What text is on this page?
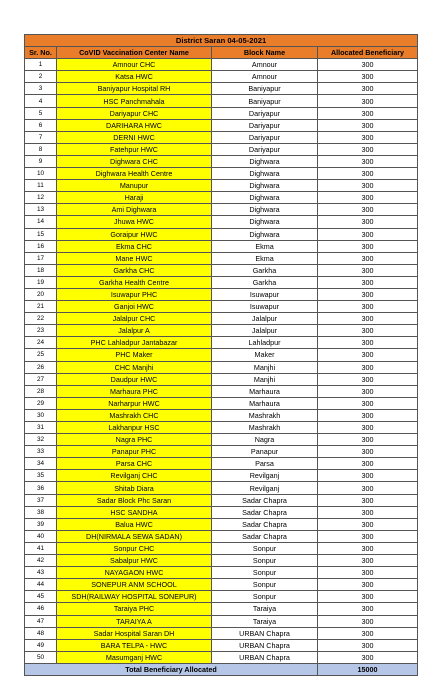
District Saran 04-05-2021			
Sr. No.	CoVID Vaccination Center Name	Block Name	Allocated Beneficiary
1	Amnour CHC	Amnour	300
2	Katsa HWC	Amnour	300
3	Baniyapur Hospital RH	Baniyapur	300
4	HSC Panchmahala	Baniyapur	300
5	Dariyapur CHC	Dariyapur	300
6	DARIHARA HWC	Dariyapur	300
7	DERNI HWC	Dariyapur	300
8	Fatehpur HWC	Dariyapur	300
9	Dighwara CHC	Dighwara	300
10	Dighwara Health Centre	Dighwara	300
11	Manupur	Dighwara	300
12	Haraji	Dighwara	300
13	Ami Dighwara	Dighwara	300
14	Jhuwa HWC	Dighwara	300
15	Goraipur HWC	Dighwara	300
16	Ekma CHC	Ekma	300
17	Mane HWC	Ekma	300
18	Garkha CHC	Garkha	300
19	Garkha Health Centre	Garkha	300
20	Isuwapur PHC	Isuwapur	300
21	Ganjoi HWC	Isuwapur	300
22	Jalalpur CHC	Jalalpur	300
23	Jalalpur A	Jalalpur	300
24	PHC Lahladpur Jantabazar	Lahladpur	300
25	PHC Maker	Maker	300
26	CHC Manjhi	Manjhi	300
27	Daudpur HWC	Manjhi	300
28	Marhaura PHC	Marhaura	300
29	Narharpur HWC	Marhaura	300
30	Mashrakh CHC	Mashrakh	300
31	Lakhanpur HSC	Mashrakh	300
32	Nagra PHC	Nagra	300
33	Panapur PHC	Panapur	300
34	Parsa CHC	Parsa	300
35	Revilganj CHC	Revilganj	300
36	Shitab Diara	Revilganj	300
37	Sadar Block Phc Saran	Sadar Chapra	300
38	HSC SANDHA	Sadar Chapra	300
39	Balua HWC	Sadar Chapra	300
40	DH(NIRMALA SEWA SADAN)	Sadar Chapra	300
41	Sonpur CHC	Sonpur	300
42	Sabalpur HWC	Sonpur	300
43	NAYAGAON HWC	Sonpur	300
44	SONEPUR ANM SCHOOL	Sonpur	300
45	SDH(RAILWAY HOSPITAL SONEPUR)	Sonpur	300
46	Taraiya PHC	Taraiya	300
47	TARAIYA A	Taraiya	300
48	Sadar Hospital Saran DH	URBAN Chapra	300
49	BARA TELPA - HWC	URBAN Chapra	300
50	Masumganj HWC	URBAN Chapra	300
Total Beneficiary Allocated			15000
